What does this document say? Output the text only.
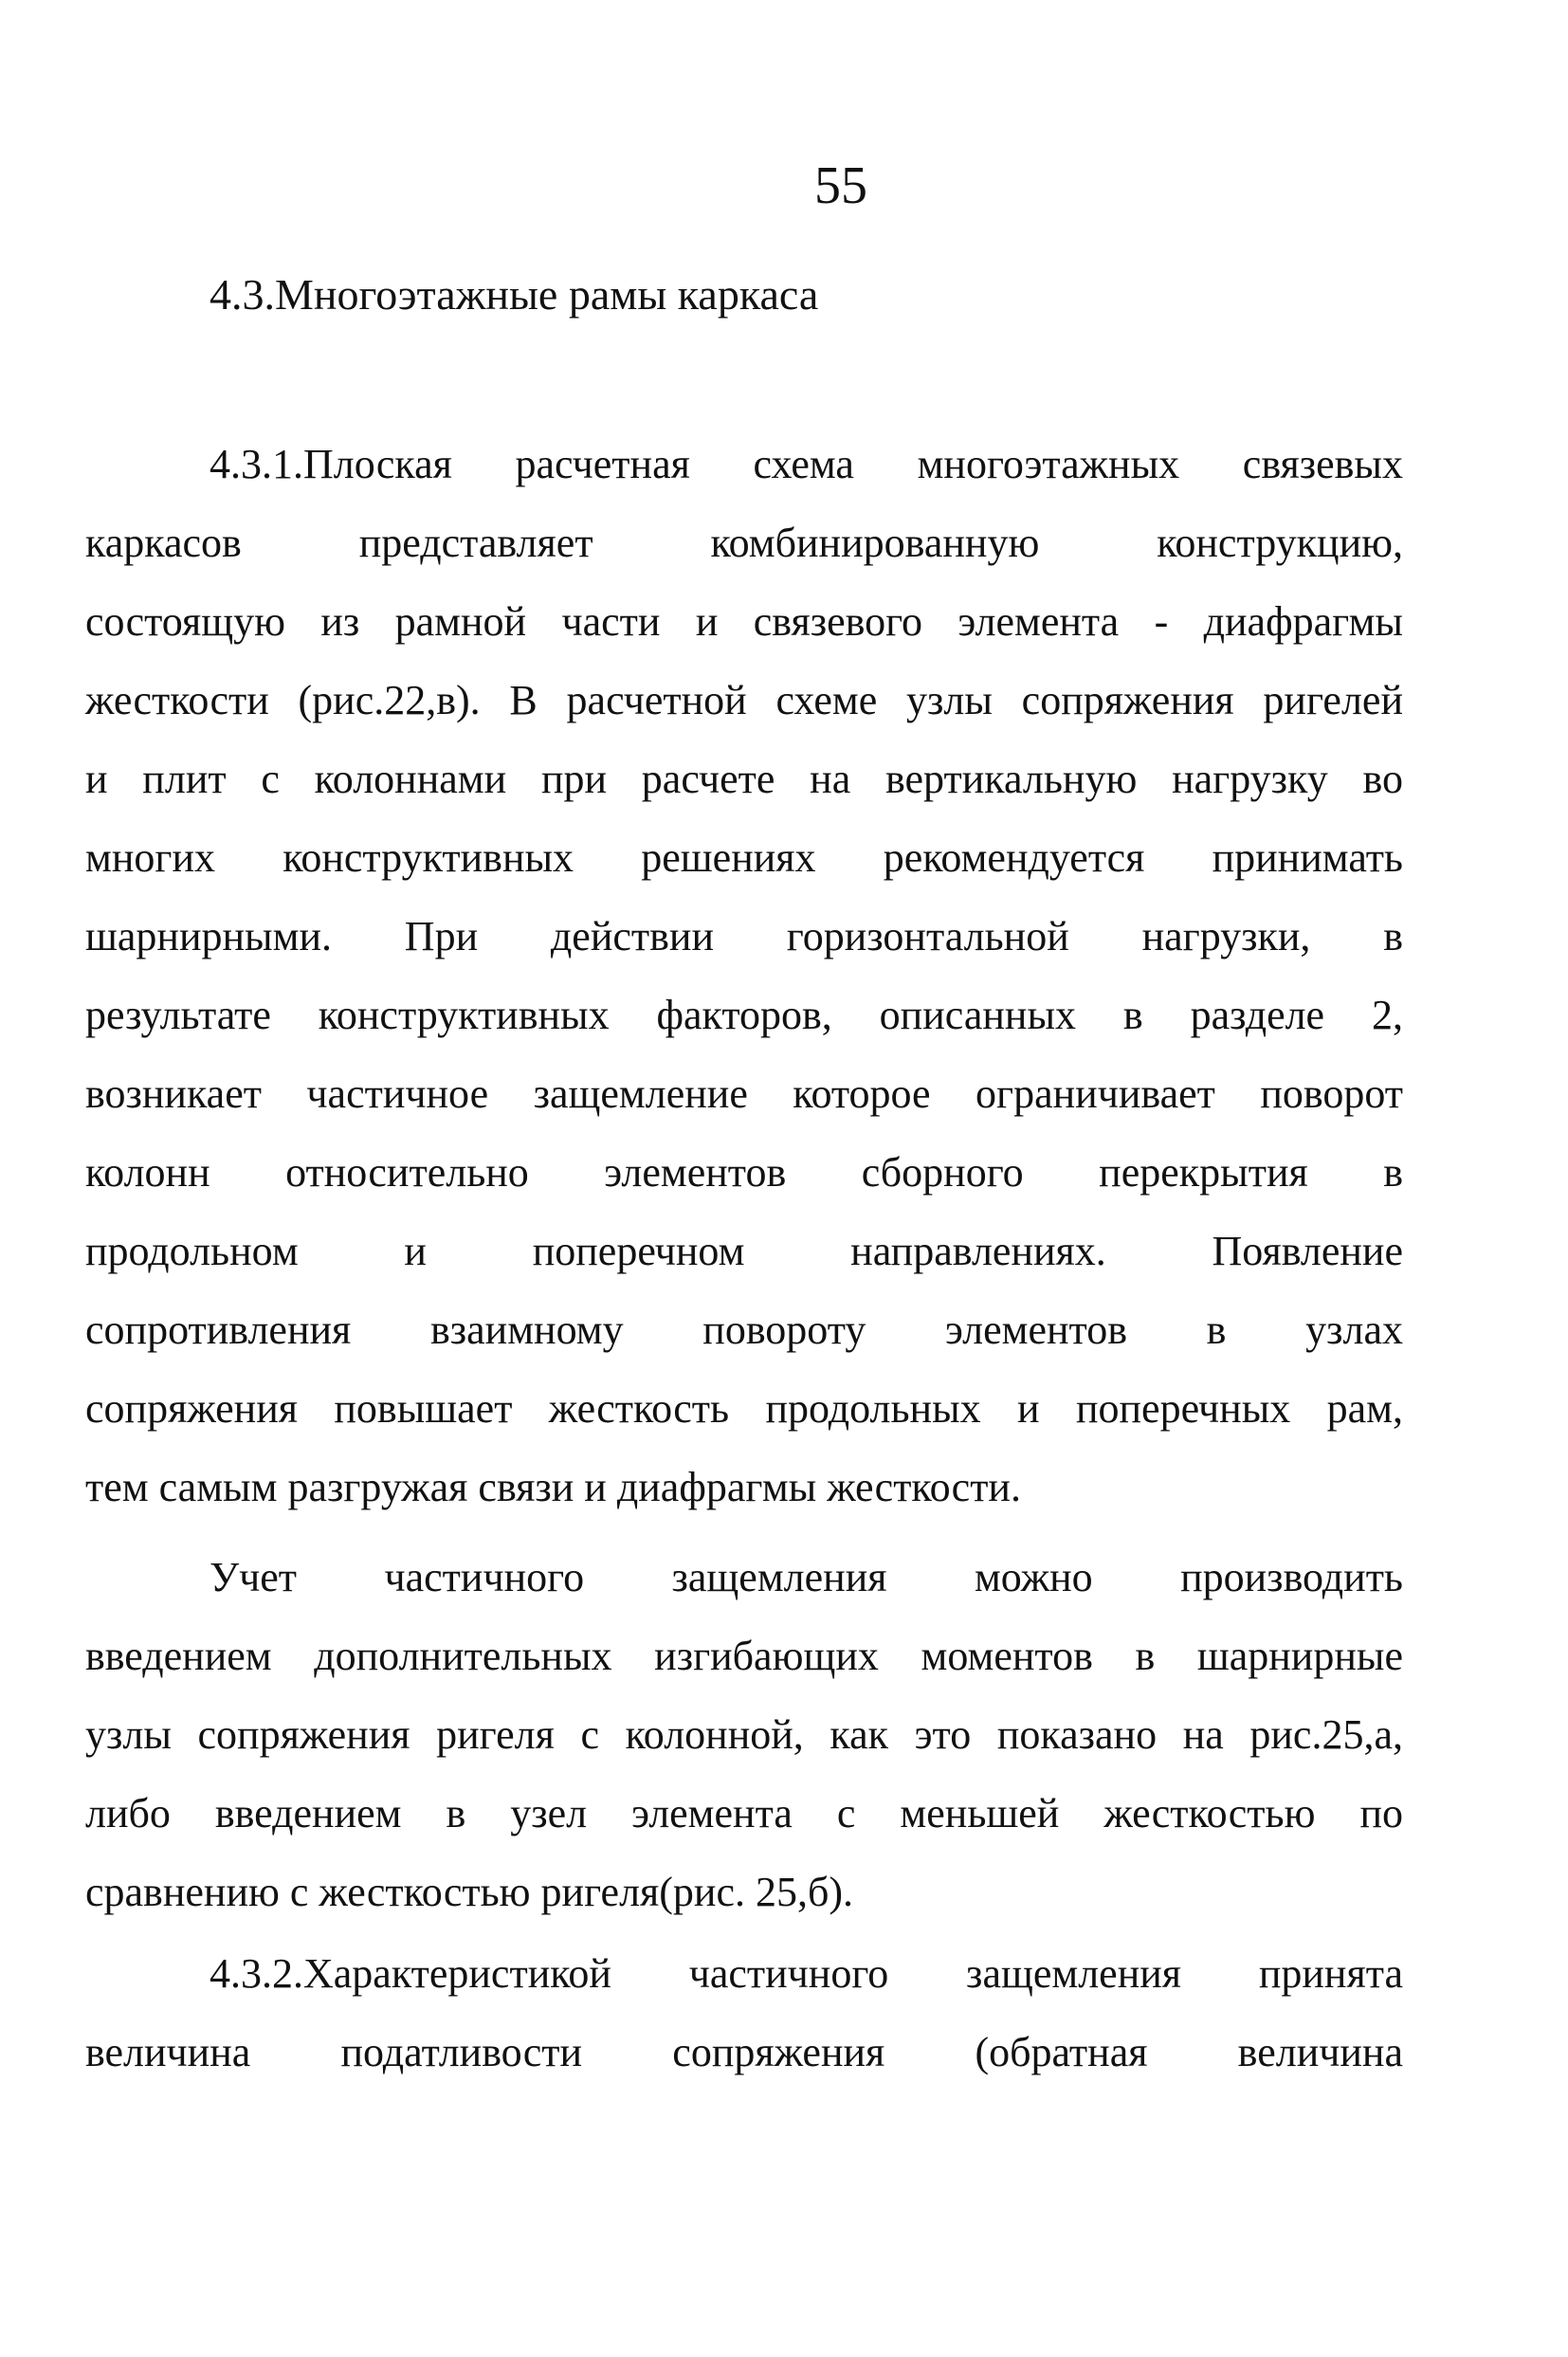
55
4.3.Многоэтажные рамы каркаса
4.3.1.Плоская расчетная схема многоэтажных связевых
каркасов представляет комбинированную конструкцию,
состоящую из рамной части и связевого элемента - диафрагмы
жесткости (рис.22,в). В расчетной схеме узлы сопряжения ригелей
и плит с колоннами при расчете на вертикальную нагрузку во
многих конструктивных решениях рекомендуется принимать
шарнирными. При действии горизонтальной нагрузки, в
результате конструктивных факторов, описанных в разделе 2,
возникает частичное защемление которое ограничивает поворот
колонн относительно элементов сборного перекрытия в
продольном и поперечном направлениях. Появление
сопротивления взаимному повороту элементов в узлах
сопряжения повышает жесткость продольных и поперечных рам,
тем самым разгружая связи и диафрагмы жесткости.
Учет частичного защемления можно производить
введением дополнительных изгибающих моментов в шарнирные
узлы сопряжения ригеля с колонной, как это показано на рис.25,а,
либо введением в узел элемента с меньшей жесткостью по
сравнению с жесткостью ригеля(рис. 25,б).
4.3.2.Характеристикой частичного защемления принята
величина податливости сопряжения (обратная величина
